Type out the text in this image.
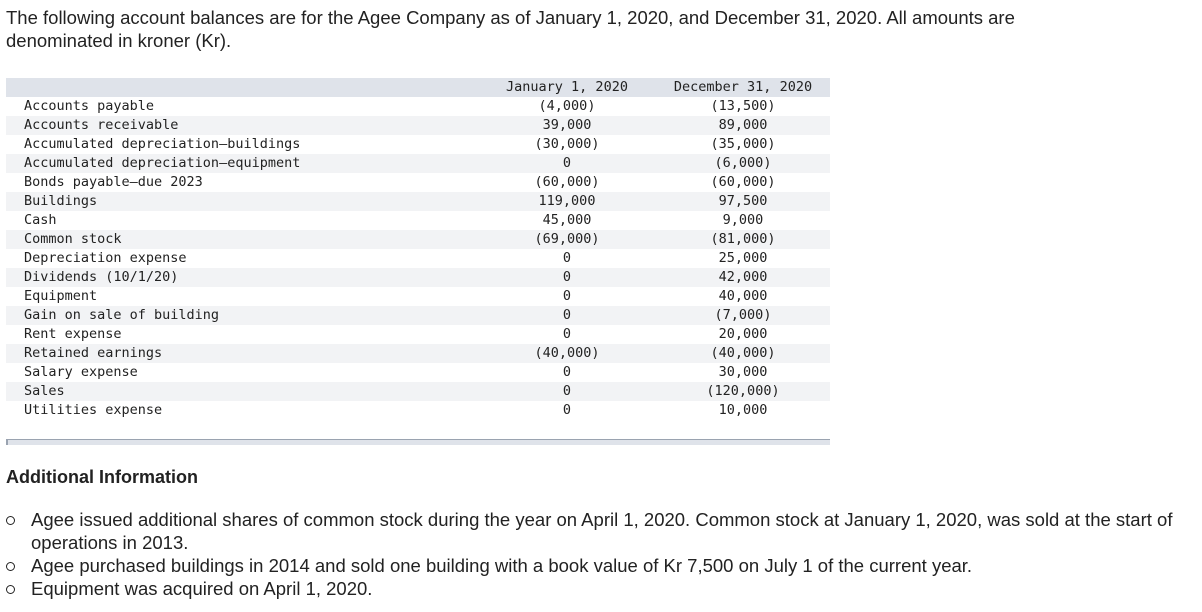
The following account balances are for the Agee Company as of January 1, 2020, and December 31, 2020. All amounts are denominated in kroner (Kr).
	January 1, 2020	December 31, 2020
Accounts payable	(4,000)	(13,500)
Accounts receivable	39,000	89,000
Accumulated depreciation—buildings	(30,000)	(35,000)
Accumulated depreciation—equipment	0	(6,000)
Bonds payable—due 2023	(60,000)	(60,000)
Buildings	119,000	97,500
Cash	45,000	9,000
Common stock	(69,000)	(81,000)
Depreciation expense	0	25,000
Dividends (10/1/20)	0	42,000
Equipment	0	40,000
Gain on sale of building	0	(7,000)
Rent expense	0	20,000
Retained earnings	(40,000)	(40,000)
Salary expense	0	30,000
Sales	0	(120,000)
Utilities expense	0	10,000

Additional Information
Agee issued additional shares of common stock during the year on April 1, 2020. Common stock at January 1, 2020, was sold at the start of operations in 2013.
Agee purchased buildings in 2014 and sold one building with a book value of Kr 7,500 on July 1 of the current year.
Equipment was acquired on April 1, 2020.
